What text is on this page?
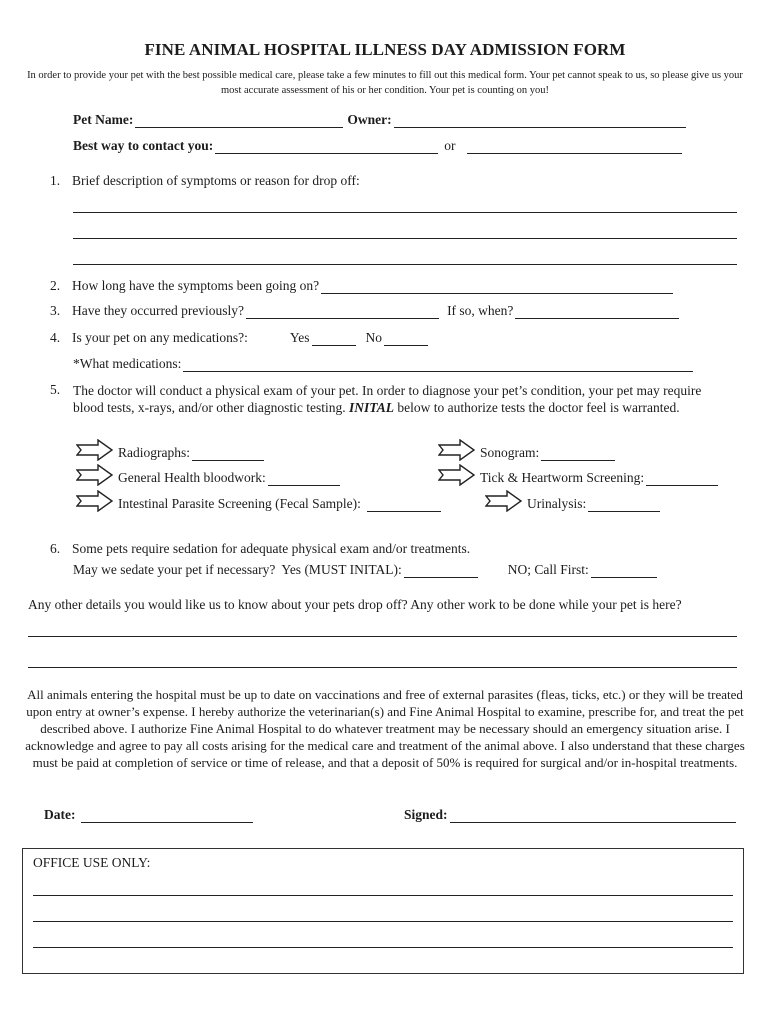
FINE ANIMAL HOSPITAL ILLNESS DAY ADMISSION FORM
In order to provide your pet with the best possible medical care, please take a few minutes to fill out this medical form. Your pet cannot speak to us, so please give us your most accurate assessment of his or her condition. Your pet is counting on you!
Pet Name:	Owner:
Best way to contact you:	or
1. Brief description of symptoms or reason for drop off:
2. How long have the symptoms been going on?
3. Have they occurred previously?	If so, when?
4. Is your pet on any medications?:	Yes	No
*What medications:
5. The doctor will conduct a physical exam of your pet. In order to diagnose your pet’s condition, your pet may require blood tests, x-rays, and/or other diagnostic testing. INITAL below to authorize tests the doctor feel is warranted.
Radiographs:	Sonogram:
General Health bloodwork:	Tick & Heartworm Screening:
Intestinal Parasite Screening (Fecal Sample):	Urinalysis:
6. Some pets require sedation for adequate physical exam and/or treatments.
May we sedate your pet if necessary? Yes (MUST INITAL):	NO; Call First:
Any other details you would like us to know about your pets drop off? Any other work to be done while your pet is here?
All animals entering the hospital must be up to date on vaccinations and free of external parasites (fleas, ticks, etc.) or they will be treated upon entry at owner’s expense. I hereby authorize the veterinarian(s) and Fine Animal Hospital to examine, prescribe for, and treat the pet described above. I authorize Fine Animal Hospital to do whatever treatment may be necessary should an emergency situation arise. I acknowledge and agree to pay all costs arising for the medical care and treatment of the animal above. I also understand that these charges must be paid at completion of service or time of release, and that a deposit of 50% is required for surgical and/or in-hospital treatments.
Date:	Signed:
OFFICE USE ONLY:
